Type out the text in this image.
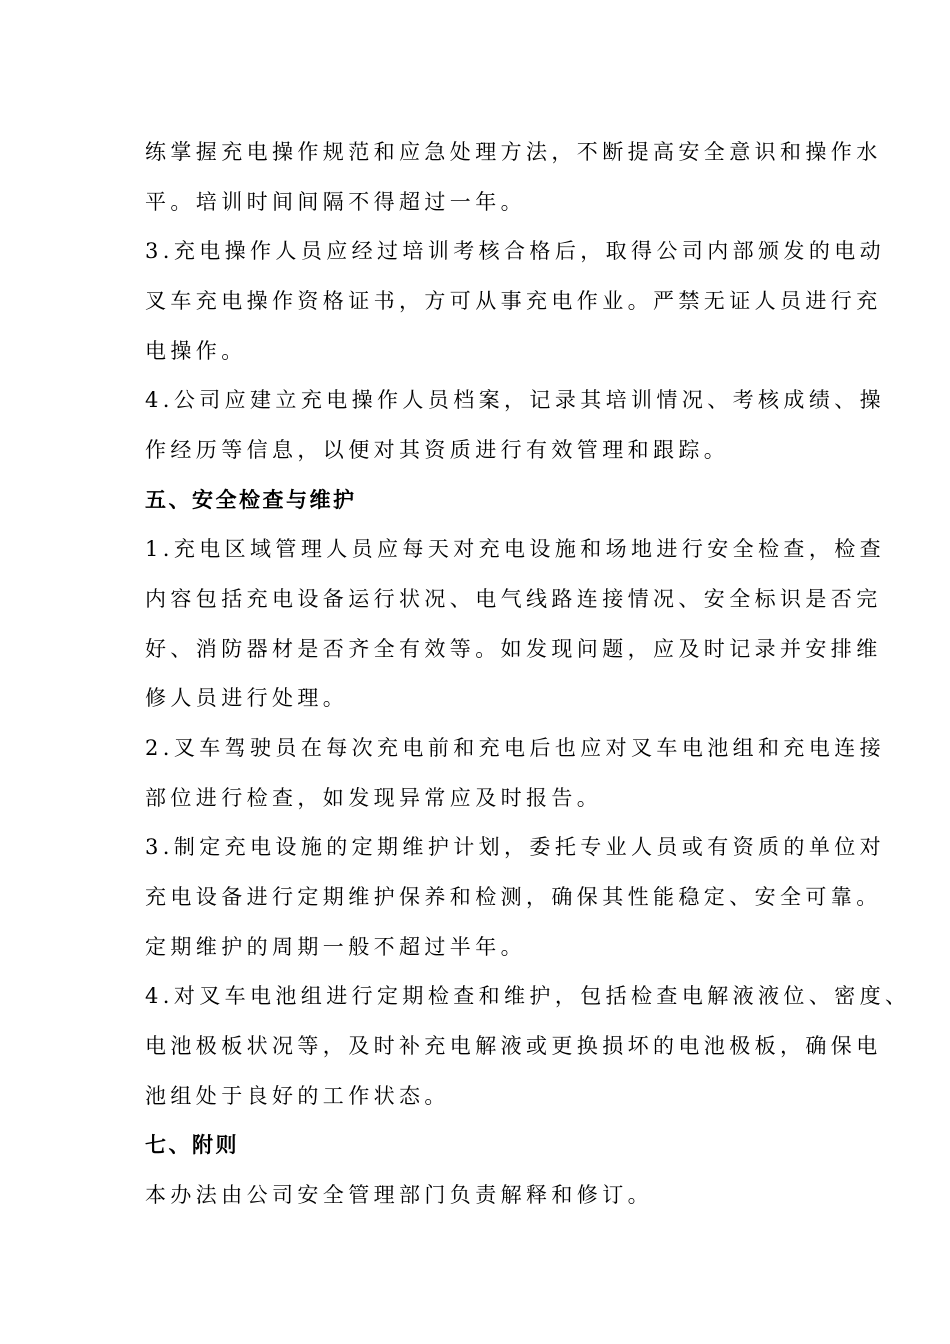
练掌握充电操作规范和应急处理方法，不断提高安全意识和操作水
平。培训时间间隔不得超过一年。
3.充电操作人员应经过培训考核合格后，取得公司内部颁发的电动
叉车充电操作资格证书，方可从事充电作业。严禁无证人员进行充
电操作。
4.公司应建立充电操作人员档案，记录其培训情况、考核成绩、操
作经历等信息，以便对其资质进行有效管理和跟踪。
五、安全检查与维护
1.充电区域管理人员应每天对充电设施和场地进行安全检查，检查
内容包括充电设备运行状况、电气线路连接情况、安全标识是否完
好、消防器材是否齐全有效等。如发现问题，应及时记录并安排维
修人员进行处理。
2.叉车驾驶员在每次充电前和充电后也应对叉车电池组和充电连接
部位进行检查，如发现异常应及时报告。
3.制定充电设施的定期维护计划，委托专业人员或有资质的单位对
充电设备进行定期维护保养和检测，确保其性能稳定、安全可靠。
定期维护的周期一般不超过半年。
4.对叉车电池组进行定期检查和维护，包括检查电解液液位、密度、
电池极板状况等，及时补充电解液或更换损坏的电池极板，确保电
池组处于良好的工作状态。
七、附则
本办法由公司安全管理部门负责解释和修订。
